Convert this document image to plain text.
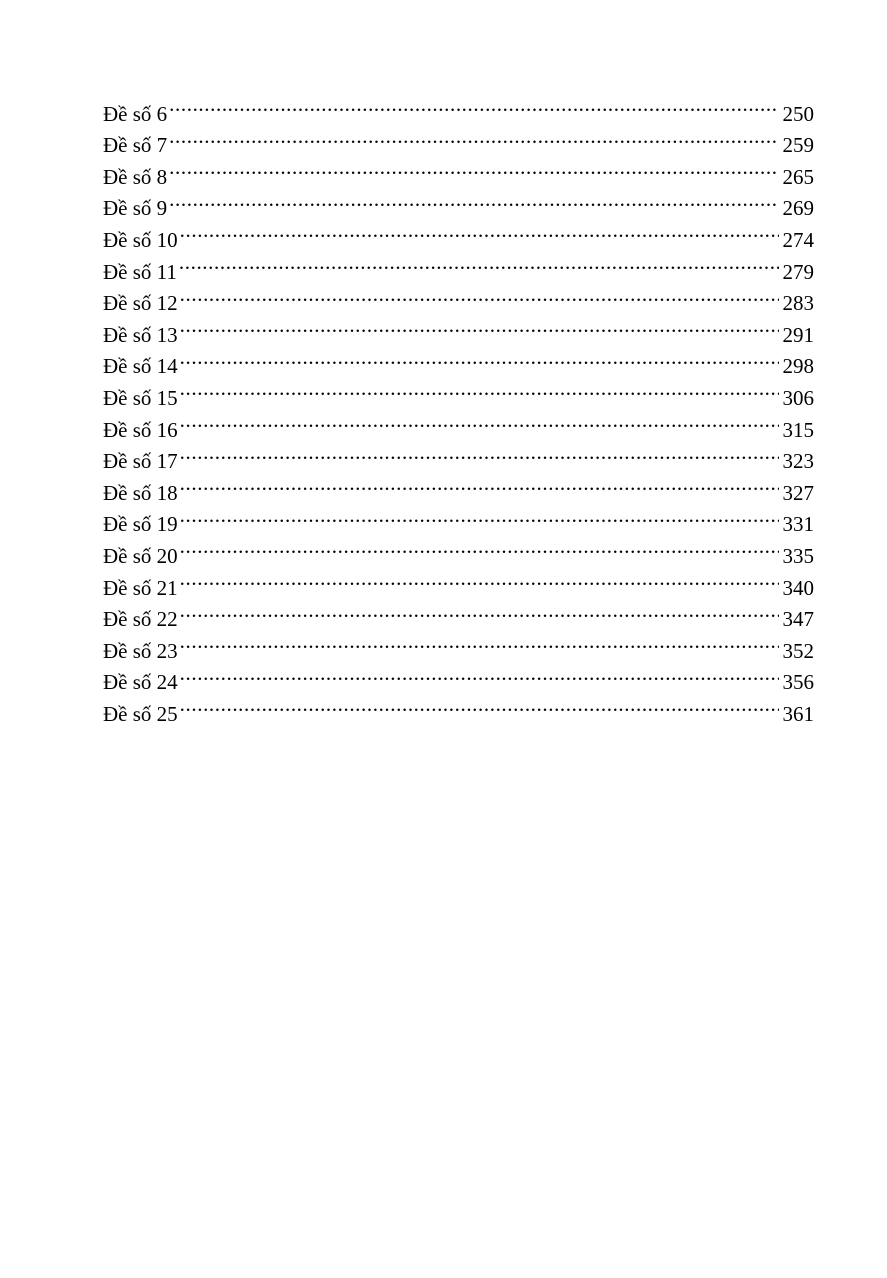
Đề số 6 .....	250
Đề số 7 .....	259
Đề số 8 .....	265
Đề số 9 .....	269
Đề số 10 .....	274
Đề số 11 .....	279
Đề số 12 .....	283
Đề số 13 .....	291
Đề số 14 .....	298
Đề số 15 .....	306
Đề số 16 .....	315
Đề số 17 .....	323
Đề số 18 .....	327
Đề số 19 .....	331
Đề số 20 .....	335
Đề số 21 .....	340
Đề số 22 .....	347
Đề số 23 .....	352
Đề số 24 .....	356
Đề số 25 .....	361
